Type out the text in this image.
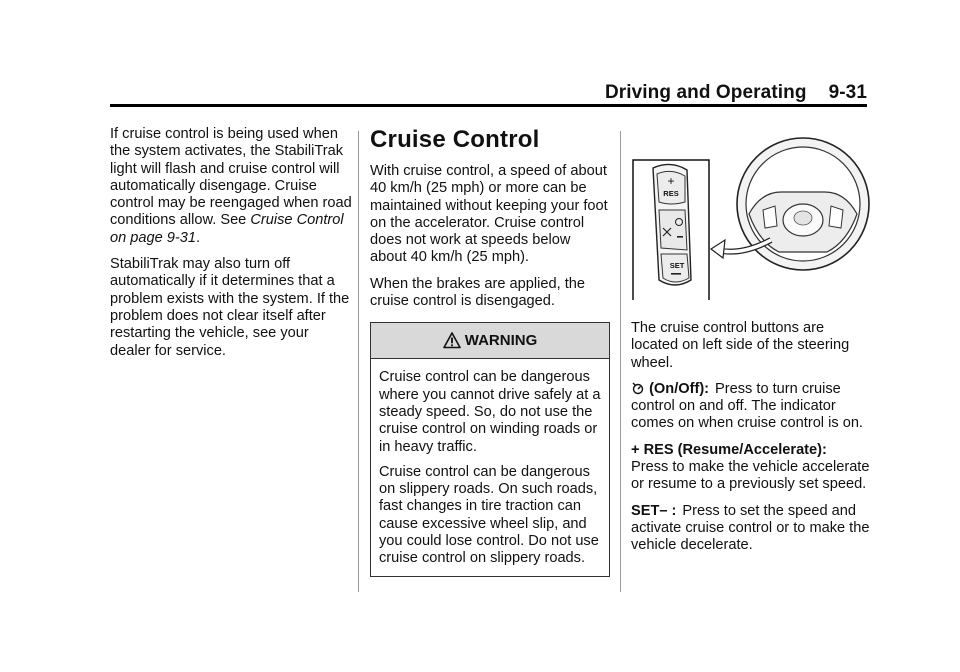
Driving and Operating 9-31

If cruise control is being used when the system activates, the StabiliTrak light will flash and cruise control will automatically disengage. Cruise control may be reengaged when road conditions allow. See Cruise Control on page 9-31.

StabiliTrak may also turn off automatically if it determines that a problem exists with the system. If the problem does not clear itself after restarting the vehicle, see your dealer for service.

Cruise Control

With cruise control, a speed of about 40 km/h (25 mph) or more can be maintained without keeping your foot on the accelerator. Cruise control does not work at speeds below about 40 km/h (25 mph).

When the brakes are applied, the cruise control is disengaged.

WARNING

Cruise control can be dangerous where you cannot drive safely at a steady speed. So, do not use the cruise control on winding roads or in heavy traffic.

Cruise control can be dangerous on slippery roads. On such roads, fast changes in tire traction can cause excessive wheel slip, and you could lose control. Do not use cruise control on slippery roads.

+
RES
SET

The cruise control buttons are located on left side of the steering wheel.

(On/Off): Press to turn cruise control on and off. The indicator comes on when cruise control is on.

+ RES (Resume/Accelerate):
Press to make the vehicle accelerate or resume to a previously set speed.

SET– : Press to set the speed and activate cruise control or to make the vehicle decelerate.
